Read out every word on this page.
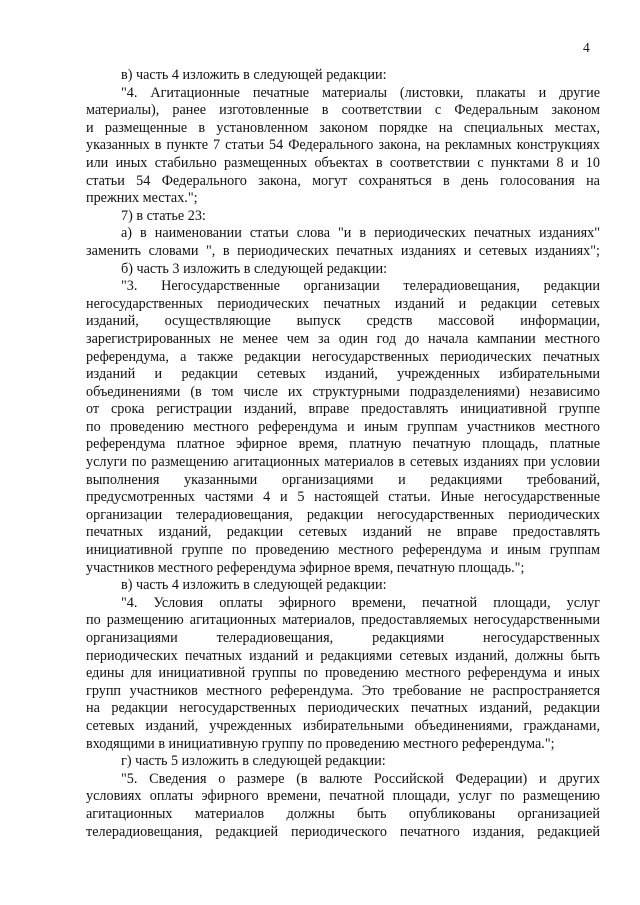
4
в) часть 4 изложить в следующей редакции:
"4. Агитационные печатные материалы (листовки, плакаты и другие
материалы), ранее изготовленные в соответствии с Федеральным законом
и размещенные в установленном законом порядке на специальных местах,
указанных в пункте 7 статьи 54 Федерального закона, на рекламных конструкциях
или иных стабильно размещенных объектах в соответствии с пунктами 8 и 10
статьи 54 Федерального закона, могут сохраняться в день голосования на
прежних местах.";
7) в статье 23:
а) в наименовании статьи слова "и в периодических печатных изданиях"
заменить словами ", в периодических печатных изданиях и сетевых изданиях";
б) часть 3 изложить в следующей редакции:
"3. Негосударственные организации телерадиовещания, редакции
негосударственных периодических печатных изданий и редакции сетевых
изданий, осуществляющие выпуск средств массовой информации,
зарегистрированных не менее чем за один год до начала кампании местного
референдума, а также редакции негосударственных периодических печатных
изданий и редакции сетевых изданий, учрежденных избирательными
объединениями (в том числе их структурными подразделениями) независимо
от срока регистрации изданий, вправе предоставлять инициативной группе
по проведению местного референдума и иным группам участников местного
референдума платное эфирное время, платную печатную площадь, платные
услуги по размещению агитационных материалов в сетевых изданиях при условии
выполнения указанными организациями и редакциями требований,
предусмотренных частями 4 и 5 настоящей статьи. Иные негосударственные
организации телерадиовещания, редакции негосударственных периодических
печатных изданий, редакции сетевых изданий не вправе предоставлять
инициативной группе по проведению местного референдума и иным группам
участников местного референдума эфирное время, печатную площадь.";
в) часть 4 изложить в следующей редакции:
"4. Условия оплаты эфирного времени, печатной площади, услуг
по размещению агитационных материалов, предоставляемых негосударственными
организациями телерадиовещания, редакциями негосударственных
периодических печатных изданий и редакциями сетевых изданий, должны быть
едины для инициативной группы по проведению местного референдума и иных
групп участников местного референдума. Это требование не распространяется
на редакции негосударственных периодических печатных изданий, редакции
сетевых изданий, учрежденных избирательными объединениями, гражданами,
входящими в инициативную группу по проведению местного референдума.";
г) часть 5 изложить в следующей редакции:
"5. Сведения о размере (в валюте Российской Федерации) и других
условиях оплаты эфирного времени, печатной площади, услуг по размещению
агитационных материалов должны быть опубликованы организацией
телерадиовещания, редакцией периодического печатного издания, редакцией
